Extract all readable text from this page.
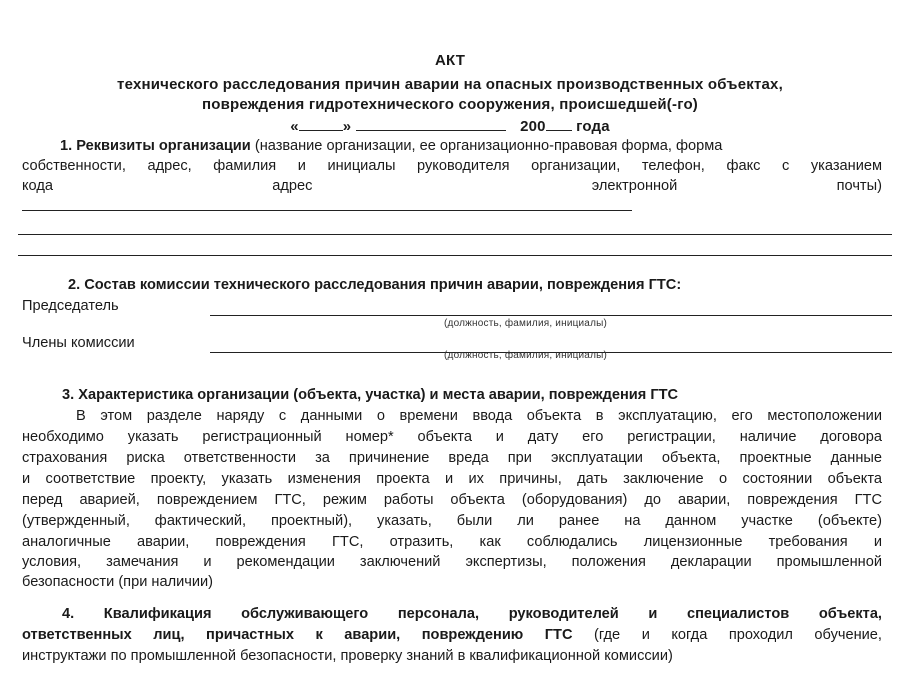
АКТ
технического расследования причин аварии на опасных производственных объектах,
повреждения гидротехнического сооружения, происшедшей(-го)
«	»	200 года
1. Реквизиты организации (название организации, ее организационно-правовая форма, форма
собственности, адрес, фамилия и инициалы руководителя организации, телефон, факс с указанием
кода	адрес	электронной	почты)
2. Состав комиссии технического расследования причин аварии, повреждения ГТС:
Председатель
(должность, фамилия, инициалы)
Члены комиссии
(должность, фамилия, инициалы)
3. Характеристика организации (объекта, участка) и места аварии, повреждения ГТС
В этом разделе наряду с данными о времени ввода объекта в эксплуатацию, его местоположении
необходимо указать регистрационный номер* объекта и дату его регистрации, наличие договора
страхования риска ответственности за причинение вреда при эксплуатации объекта, проектные данные
и соответствие проекту, указать изменения проекта и их причины, дать заключение о состоянии объекта
перед аварией, повреждением ГТС, режим работы объекта (оборудования) до аварии, повреждения ГТС
(утвержденный, фактический, проектный), указать, были ли ранее на данном участке (объекте)
аналогичные аварии, повреждения ГТС, отразить, как соблюдались лицензионные требования и
условия, замечания и рекомендации заключений экспертизы, положения декларации промышленной
безопасности (при наличии)
4. Квалификация обслуживающего персонала, руководителей и специалистов объекта,
ответственных лиц, причастных к аварии, повреждению ГТС (где и когда проходил обучение,
инструктажи по промышленной безопасности, проверку знаний в квалификационной комиссии)
